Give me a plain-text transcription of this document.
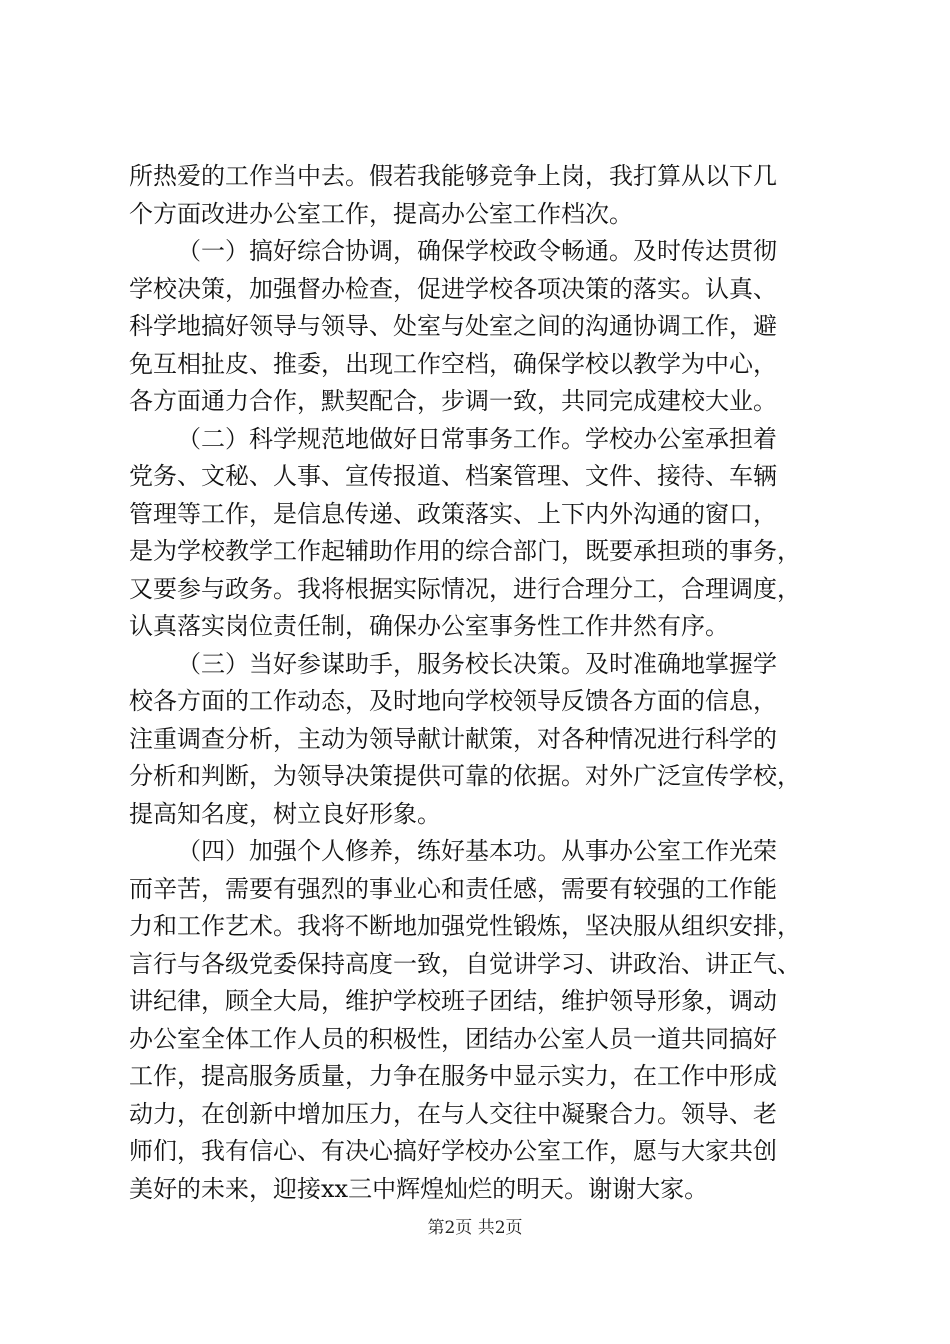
所热爱的工作当中去。假若我能够竞争上岗，我打算从以下几
个方面改进办公室工作，提高办公室工作档次。
（一）搞好综合协调，确保学校政令畅通。及时传达贯彻
学校决策，加强督办检查，促进学校各项决策的落实。认真、
科学地搞好领导与领导、处室与处室之间的沟通协调工作，避
免互相扯皮、推委，出现工作空档，确保学校以教学为中心，
各方面通力合作，默契配合，步调一致，共同完成建校大业。
（二）科学规范地做好日常事务工作。学校办公室承担着
党务、文秘、人事、宣传报道、档案管理、文件、接待、车辆
管理等工作，是信息传递、政策落实、上下内外沟通的窗口，
是为学校教学工作起辅助作用的综合部门，既要承担琐的事务，
又要参与政务。我将根据实际情况，进行合理分工，合理调度，
认真落实岗位责任制，确保办公室事务性工作井然有序。
（三）当好参谋助手，服务校长决策。及时准确地掌握学
校各方面的工作动态，及时地向学校领导反馈各方面的信息，
注重调查分析，主动为领导献计献策，对各种情况进行科学的
分析和判断，为领导决策提供可靠的依据。对外广泛宣传学校，
提高知名度，树立良好形象。
（四）加强个人修养，练好基本功。从事办公室工作光荣
而辛苦，需要有强烈的事业心和责任感，需要有较强的工作能
力和工作艺术。我将不断地加强党性锻炼，坚决服从组织安排，
言行与各级党委保持高度一致，自觉讲学习、讲政治、讲正气、
讲纪律，顾全大局，维护学校班子团结，维护领导形象，调动
办公室全体工作人员的积极性，团结办公室人员一道共同搞好
工作，提高服务质量，力争在服务中显示实力，在工作中形成
动力，在创新中增加压力，在与人交往中凝聚合力。领导、老
师们，我有信心、有决心搞好学校办公室工作，愿与大家共创
美好的未来，迎接xx三中辉煌灿烂的明天。谢谢大家。
第2页 共2页
